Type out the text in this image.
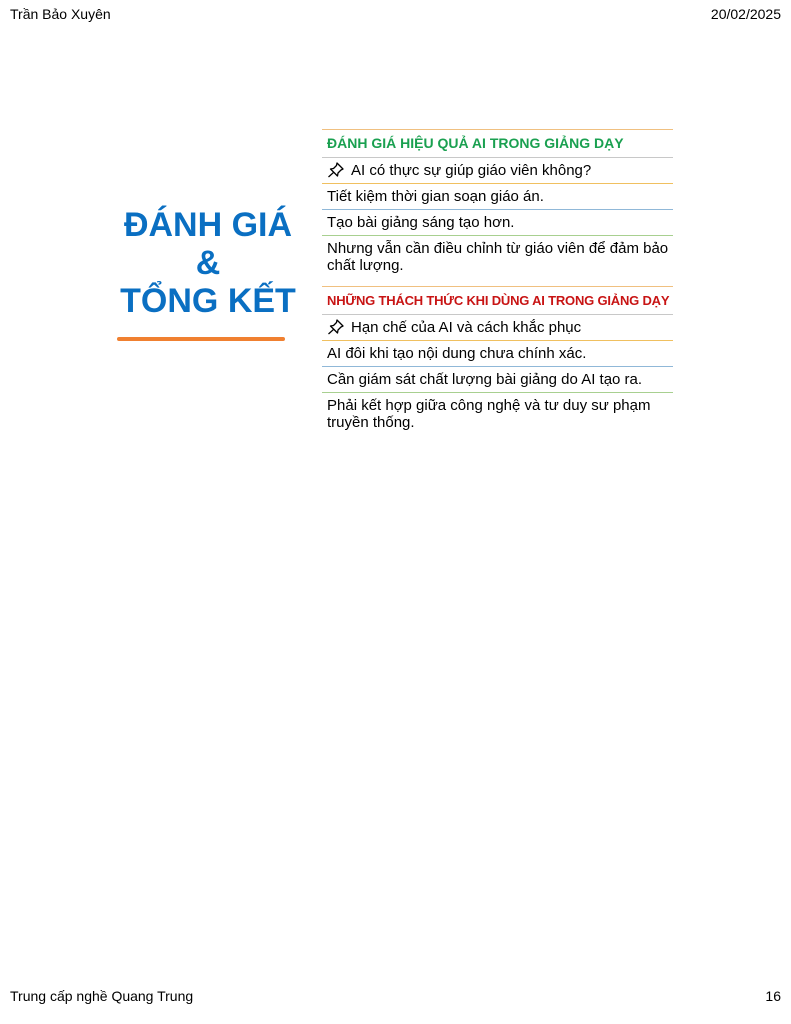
Trần Bảo Xuyên	20/02/2025
ĐÁNH GIÁ
&
TỔNG KẾT
ĐÁNH GIÁ HIỆU QUẢ AI TRONG GIẢNG DẠY
AI có thực sự giúp giáo viên không?
Tiết kiệm thời gian soạn giáo án.
Tạo bài giảng sáng tạo hơn.
Nhưng vẫn cần điều chỉnh từ giáo viên để đảm bảo chất lượng.
NHỮNG THÁCH THỨC KHI DÙNG AI TRONG GIẢNG DẠY
Hạn chế của AI và cách khắc phục
AI đôi khi tạo nội dung chưa chính xác.
Cần giám sát chất lượng bài giảng do AI tạo ra.
Phải kết hợp giữa công nghệ và tư duy sư phạm truyền thống.
Trung cấp nghề Quang Trung	16
